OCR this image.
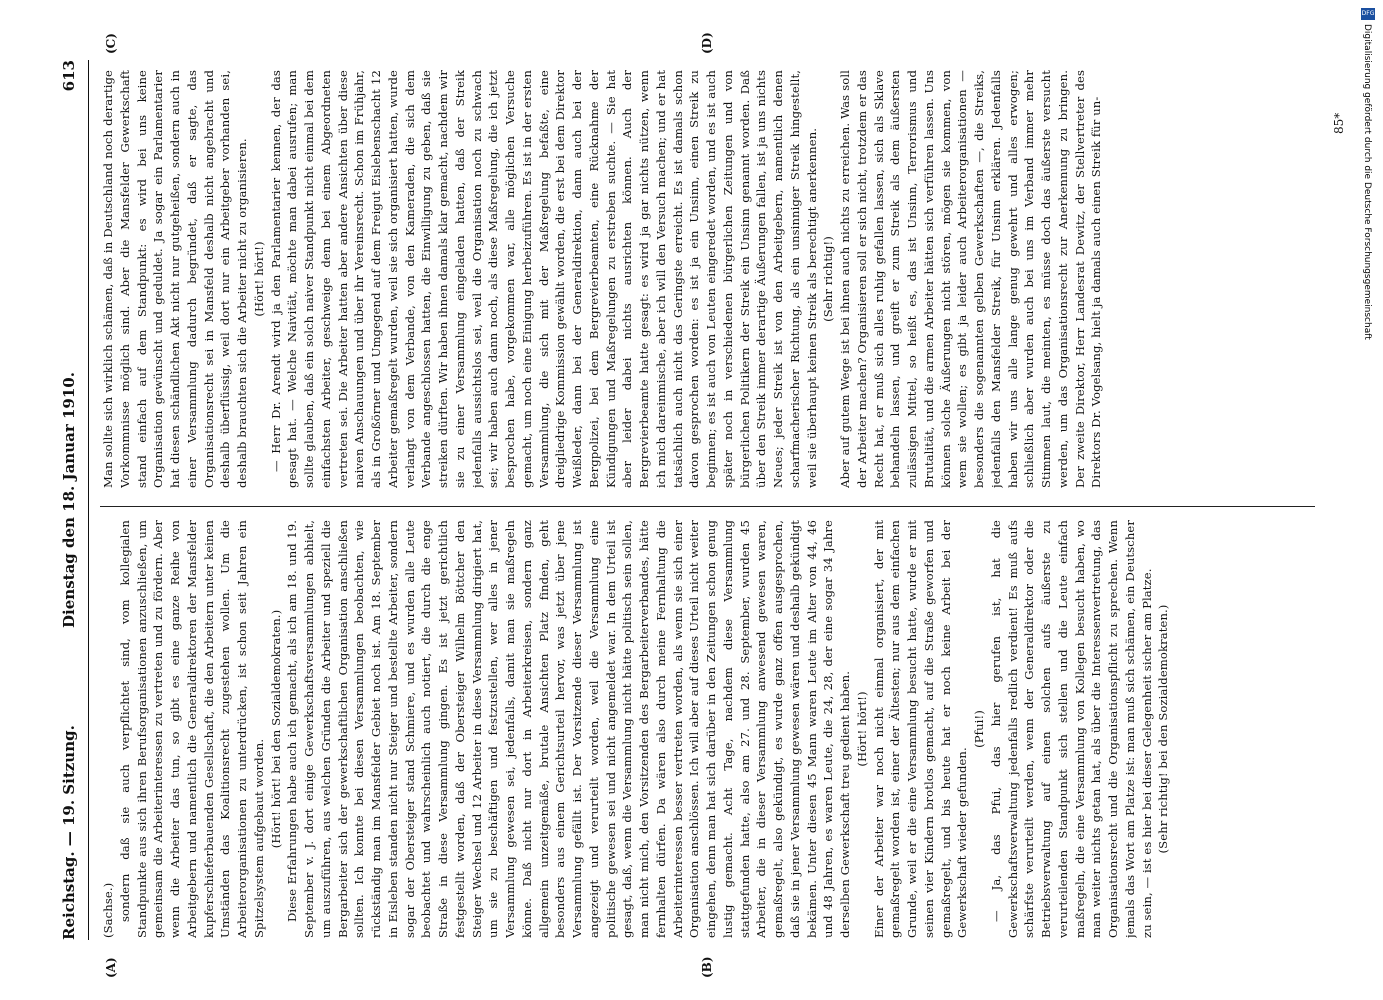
Reichstag. — 19. Sitzung.
Dienstag den 18. Januar 1910.
613
(A)	(B)
(C)	(D)

(Sachse.) sondern daß sie auch verpflichtet sind, vom kollegialen Standpunkte aus sich ihren Berufsorganisationen anzuschließen, um gemeinsam die Arbeiterinteressen zu vertreten und zu fördern. Aber wenn die Arbeiter das tun, so gibt es eine ganze Reihe von Arbeitgebern und namentlich die Generaldirektoren der Mansfelder kupferschieferbauenden Gesellschaft, die den Arbeitern unter keinen Umständen das Koalitionsrecht zugestehen wollen. Um die Arbeiterorganisationen zu unterdrücken, ist schon seit Jahren ein Spitzelsystem aufgebaut worden. (Hört! hört! bei den Sozialdemokraten.) Diese Erfahrungen habe auch ich gemacht, als ich am 18. und 19. September v. J. dort einige Gewerkschaftsversammlungen abhielt, um auszuführen, aus welchen Gründen die Arbeiter und speziell die Bergarbeiter sich der gewerkschaftlichen Organisation anschließen sollten. Ich konnte bei diesen Versammlungen beobachten, wie rückständig man im Mansfelder Gebiet noch ist. Am 18. September in Eisleben standen nicht nur Steiger und bestellte Arbeiter, sondern sogar der Obersteiger stand Schmiere, und es wurden alle Leute beobachtet und wahrscheinlich auch notiert, die durch die enge Straße in diese Versammlung gingen. Es ist jetzt gerichtlich festgestellt worden, daß der Obersteiger Wilhelm Böttcher den Steiger Wechsel und 12 Arbeiter in diese Versammlung dirigiert hat, um sie zu beschäftigen und festzustellen, wer alles in jener Versammlung gewesen sei, jedenfalls, damit man sie maßregeln könne. Daß nicht nur dort in Arbeiterkreisen, sondern ganz allgemein unzeitgemäße, brutale Ansichten Platz finden, geht besonders aus einem Gerichtsurteil hervor, was jetzt über jene Versammlung gefällt ist. Der Vorsitzende dieser Versammlung ist angezeigt und verurteilt worden, weil die Versammlung eine politische gewesen sei und nicht angemeldet war. In dem Urteil ist gesagt, daß, wenn die Versammlung nicht hätte politisch sein sollen, man nicht mich, den Vorsitzenden des Bergarbeiterverbandes, hätte fernhalten dürfen. Da wären also durch meine Fernhaltung die Arbeiterinteressen besser vertreten worden, als wenn sie sich einer Organisation anschlössen. Ich will aber auf dieses Urteil nicht weiter eingehen, denn man hat sich darüber in den Zeitungen schon genug lustig gemacht. Acht Tage, nachdem diese Versammlung stattgefunden hatte, also am 27. und 28. September, wurden 45 Arbeiter, die in dieser Versammlung anwesend gewesen waren, gemaßregelt, also gekündigt, es wurde ganz offen ausgesprochen, daß sie in jener Versammlung gewesen wären und deshalb gekündigt bekämen. Unter diesen 45 Mann waren Leute im Alter von 44, 46 und 48 Jahren, es waren Leute, die 24, 28, der eine sogar 34 Jahre derselben Gewerkschaft treu gedient haben. (Hört! hört!) Einer der Arbeiter war noch nicht einmal organisiert, der mit gemaßregelt worden ist, einer der Ältesten; nur aus dem einfachen Grunde, weil er die eine Versammlung besucht hatte, wurde er mit seinen vier Kindern brotlos gemacht, auf die Straße geworfen und gemaßregelt, und bis heute hat er noch keine Arbeit bei der Gewerkschaft wieder gefunden.

(Pfui!) — Ja, das Pfui, das hier gerufen ist, hat die Gewerkschaftsverwaltung jedenfalls redlich verdient! Es muß aufs schärfste verurteilt werden, wenn der Generaldirektor oder die Betriebsverwaltung auf einen solchen aufs äußerste zu verurteilenden Standpunkt sich stellen und die Leute einfach maßregeln, die eine Versammlung von Kollegen besucht haben, wo man weiter nichts getan hat, als über die Interessenvertretung, das Organisationsrecht und die Organisationspflicht zu sprechen. Wenn jemals das Wort am Platze ist: man muß sich schämen, ein Deutscher zu sein, — ist es hier bei dieser Gelegenheit sicher am Platze. (Sehr richtig! bei den Sozialdemokraten.)

Man sollte sich wirklich schämen, daß in Deutschland noch derartige Vorkommnisse möglich sind. Aber die Mansfelder Gewerkschaft stand einfach auf dem Standpunkt: es wird bei uns keine Organisation gewünscht und geduldet. Ja sogar ein Parlamentarier hat diesen schändlichen Akt nicht nur gutgeheißen, sondern auch in einer Versammlung dadurch begründet, daß er sagte, das Organisationsrecht sei in Mansfeld deshalb nicht angebracht und deshalb überflüssig, weil dort nur ein Arbeitgeber vorhanden sei, deshalb brauchten sich die Arbeiter nicht zu organisieren. (Hört! hört!) — Herr Dr. Arendt wird ja den Parlamentarier kennen, der das gesagt hat. — Welche Naivität, möchte man dabei ausrufen; man sollte glauben, daß ein solch naiver Standpunkt nicht einmal bei dem einfachsten Arbeiter, geschweige denn bei einem Abgeordneten vertreten sei. Die Arbeiter hatten aber andere Ansichten über diese naiven Anschauungen und über ihr Vereinsrecht. Schon im Frühjahr, als in Großörner und Umgegend auf dem Freigut Eislebenschacht 12 Arbeiter gemaßregelt wurden, weil sie sich organisiert hatten, wurde verlangt von dem Verbande, von den Kameraden, die sich dem Verbande angeschlossen hatten, die Einwilligung zu geben, daß sie streiken dürften. Wir haben ihnen damals klar gemacht, nachdem wir sie zu einer Versammlung eingeladen hatten, daß der Streik jedenfalls aussichtslos sei, weil die Organisation noch zu schwach sei; wir haben auch dann noch, als diese Maßregelung, die ich jetzt besprochen habe, vorgekommen war, alle möglichen Versuche gemacht, um noch eine Einigung herbeizuführen. Es ist in der ersten Versammlung, die sich mit der Maßregelung befaßte, eine dreigliedrige Kommission gewählt worden, die erst bei dem Direktor Weißleder, dann bei der Generaldirektion, dann auch bei der Bergpolizei, bei dem Bergrevierbeamten, eine Rücknahme der Kündigungen und Maßregelungen zu erstreben suchte. — Sie hat aber leider dabei nichts ausrichten können. Auch der Bergrevierbeamte hatte gesagt: es wird ja gar nichts nützen, wenn ich mich dareinmische, aber ich will den Versuch machen; und er hat tatsächlich auch nicht das Geringste erreicht. Es ist damals schon davon gesprochen worden: es ist ja ein Unsinn, einen Streik zu beginnen; es ist auch von Leuten eingeredet worden, und es ist auch später noch in verschiedenen bürgerlichen Zeitungen und von bürgerlichen Politikern der Streik ein Unsinn genannt worden. Daß über den Streik immer derartige Äußerungen fallen, ist ja uns nichts Neues; jeder Streik ist von den Arbeitgebern, namentlich denen scharfmacherischer Richtung, als ein unsinniger Streik hingestellt, weil sie überhaupt keinen Streik als berechtigt anerkennen. (Sehr richtig!) Aber auf gutem Wege ist bei ihnen auch nichts zu erreichen. Was soll der Arbeiter machen? Organisieren soll er sich nicht, trotzdem er das Recht hat, er muß sich alles ruhig gefallen lassen, sich als Sklave behandeln lassen, und greift er zum Streik als dem äußersten zulässigen Mittel, so heißt es, das ist Unsinn, Terrorismus und Brutalität, und die armen Arbeiter hätten sich verführen lassen. Uns können solche Äußerungen nicht stören, mögen sie kommen, von wem sie wollen; es gibt ja leider auch Arbeiterorganisationen — besonders die sogenannten gelben Gewerkschaften —, die Streiks, jedenfalls den Mansfelder Streik, für Unsinn erklären. Jedenfalls haben wir uns alle lange genug gewehrt und alles erwogen; schließlich aber wurden auch bei uns im Verband immer mehr Stimmen laut, die meinten, es müsse doch das äußerste versucht werden, um das Organisationsrecht zur Anerkennung zu bringen. Der zweite Direktor, Herr Landesrat Dewitz, der Stellvertreter des Direktors Dr. Vogelsang, hielt ja damals auch einen Streik für un-	85*
DFG
Digitalisierung gefördert durch die Deutsche Forschungsgemeinschaft
